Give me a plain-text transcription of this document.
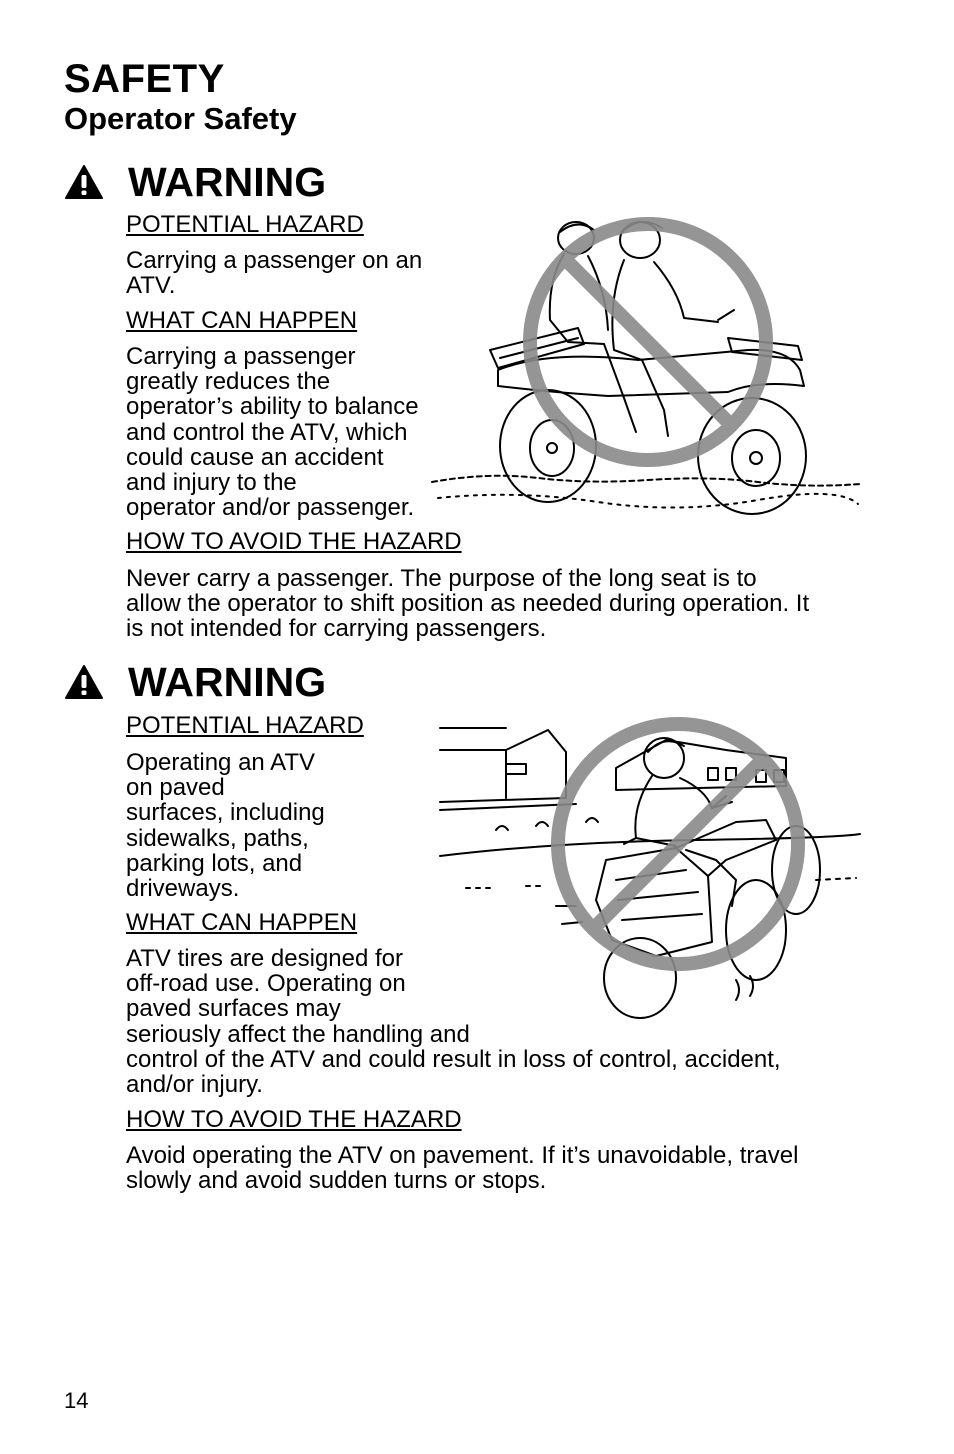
SAFETY
Operator Safety
WARNING
POTENTIAL HAZARD
Carrying a passenger on an
ATV.
WHAT CAN HAPPEN
Carrying a passenger
greatly reduces the
operator’s ability to balance
and control the ATV, which
could cause an accident
and injury to the
operator and/or passenger.
HOW TO AVOID THE HAZARD
Never carry a passenger. The purpose of the long seat is to
allow the operator to shift position as needed during operation. It
is not intended for carrying passengers.
WARNING
POTENTIAL HAZARD
Operating an ATV
on paved
surfaces, including
sidewalks, paths,
parking lots, and
driveways.
WHAT CAN HAPPEN
ATV tires are designed for
off-road use. Operating on
paved surfaces may
seriously affect the handling and
control of the ATV and could result in loss of control, accident,
and/or injury.
HOW TO AVOID THE HAZARD
Avoid operating the ATV on pavement. If it’s unavoidable, travel
slowly and avoid sudden turns or stops.
14
